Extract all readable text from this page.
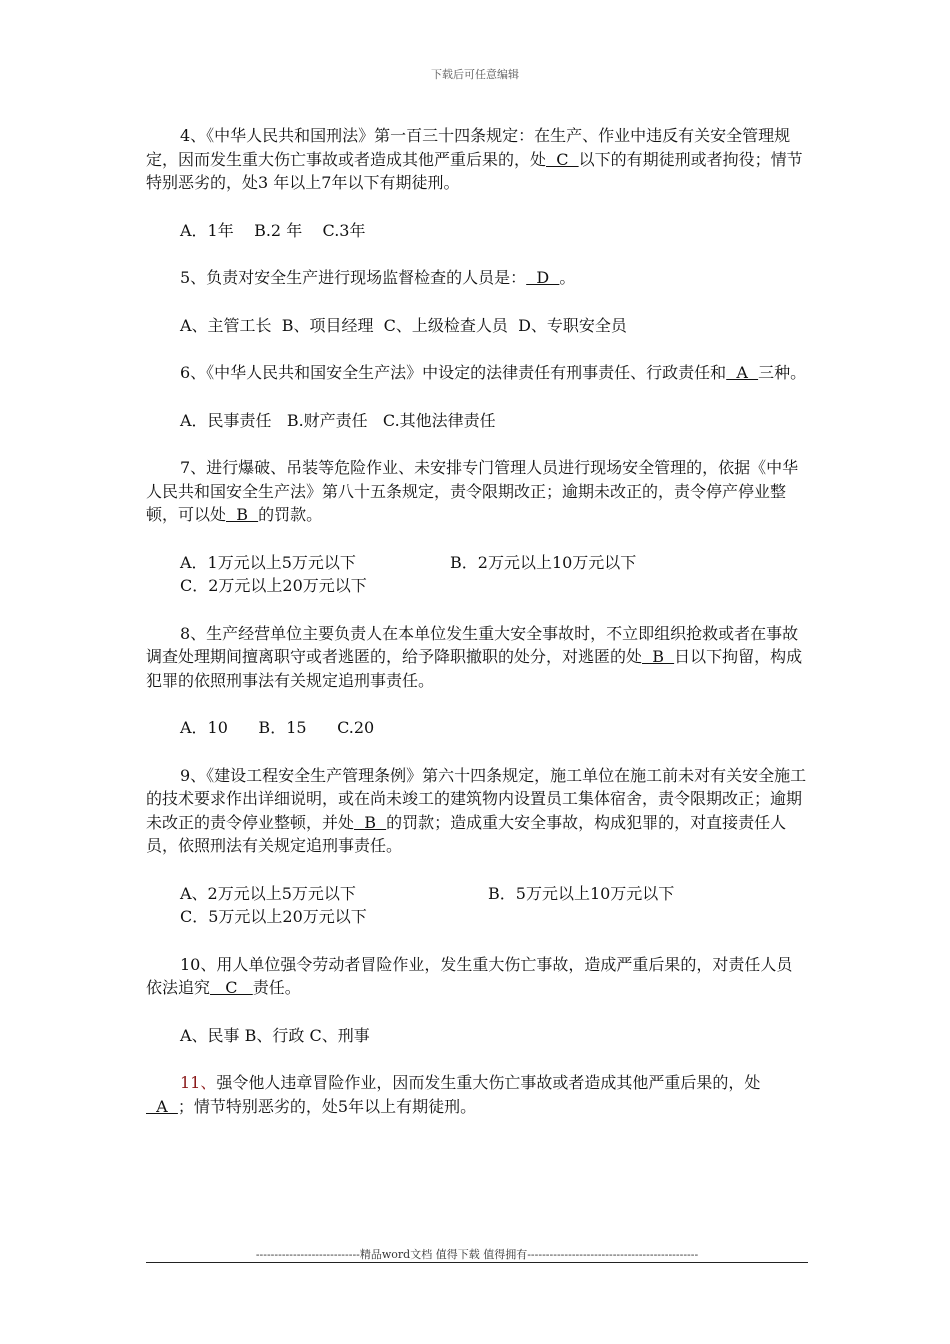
下载后可任意编辑

4、《中华人民共和国刑法》第一百三十四条规定：在生产、作业中违反有关安全管理规定，因而发生重大伤亡事故或者造成其他严重后果的，处  C  以下的有期徒刑或者拘役；情节特别恶劣的，处3 年以上7年以下有期徒刑。

A．1年    B.2 年    C.3年

5、负责对安全生产进行现场监督检查的人员是：  D  。

A、主管工长  B、项目经理  C、上级检查人员  D、专职安全员

6、《中华人民共和国安全生产法》中设定的法律责任有刑事责任、行政责任和  A  三种。

A．民事责任   B.财产责任   C.其他法律责任

7、进行爆破、吊装等危险作业、未安排专门管理人员进行现场安全管理的，依据《中华人民共和国安全生产法》第八十五条规定，责令限期改正；逾期未改正的，责令停产停业整顿，可以处  B  的罚款。

A．1万元以上5万元以下	B．2万元以上10万元以下

C．2万元以上20万元以下

8、生产经营单位主要负责人在本单位发生重大安全事故时，不立即组织抢救或者在事故调查处理期间擅离职守或者逃匿的，给予降职撤职的处分，对逃匿的处  B  日以下拘留，构成犯罪的依照刑事法有关规定追刑事责任。

A．10      B．15      C.20

9、《建设工程安全生产管理条例》第六十四条规定，施工单位在施工前未对有关安全施工的技术要求作出详细说明，或在尚未竣工的建筑物内设置员工集体宿舍，责令限期改正；逾期未改正的责令停业整顿，并处  B  的罚款；造成重大安全事故，构成犯罪的，对直接责任人员，依照刑法有关规定追刑事责任。

A、2万元以上5万元以下	B．5万元以上10万元以下

C．5万元以上20万元以下

10、用人单位强令劳动者冒险作业，发生重大伤亡事故，造成严重后果的，对责任人员依法追究   C   责任。

A、民事 B、行政 C、刑事

11、强令他人违章冒险作业，因而发生重大伤亡事故或者造成其他严重后果的，处  A  ；情节特别恶劣的，处5年以上有期徒刑。

----------------------------精品word文档 值得下载 值得拥有----------------------------------------------
